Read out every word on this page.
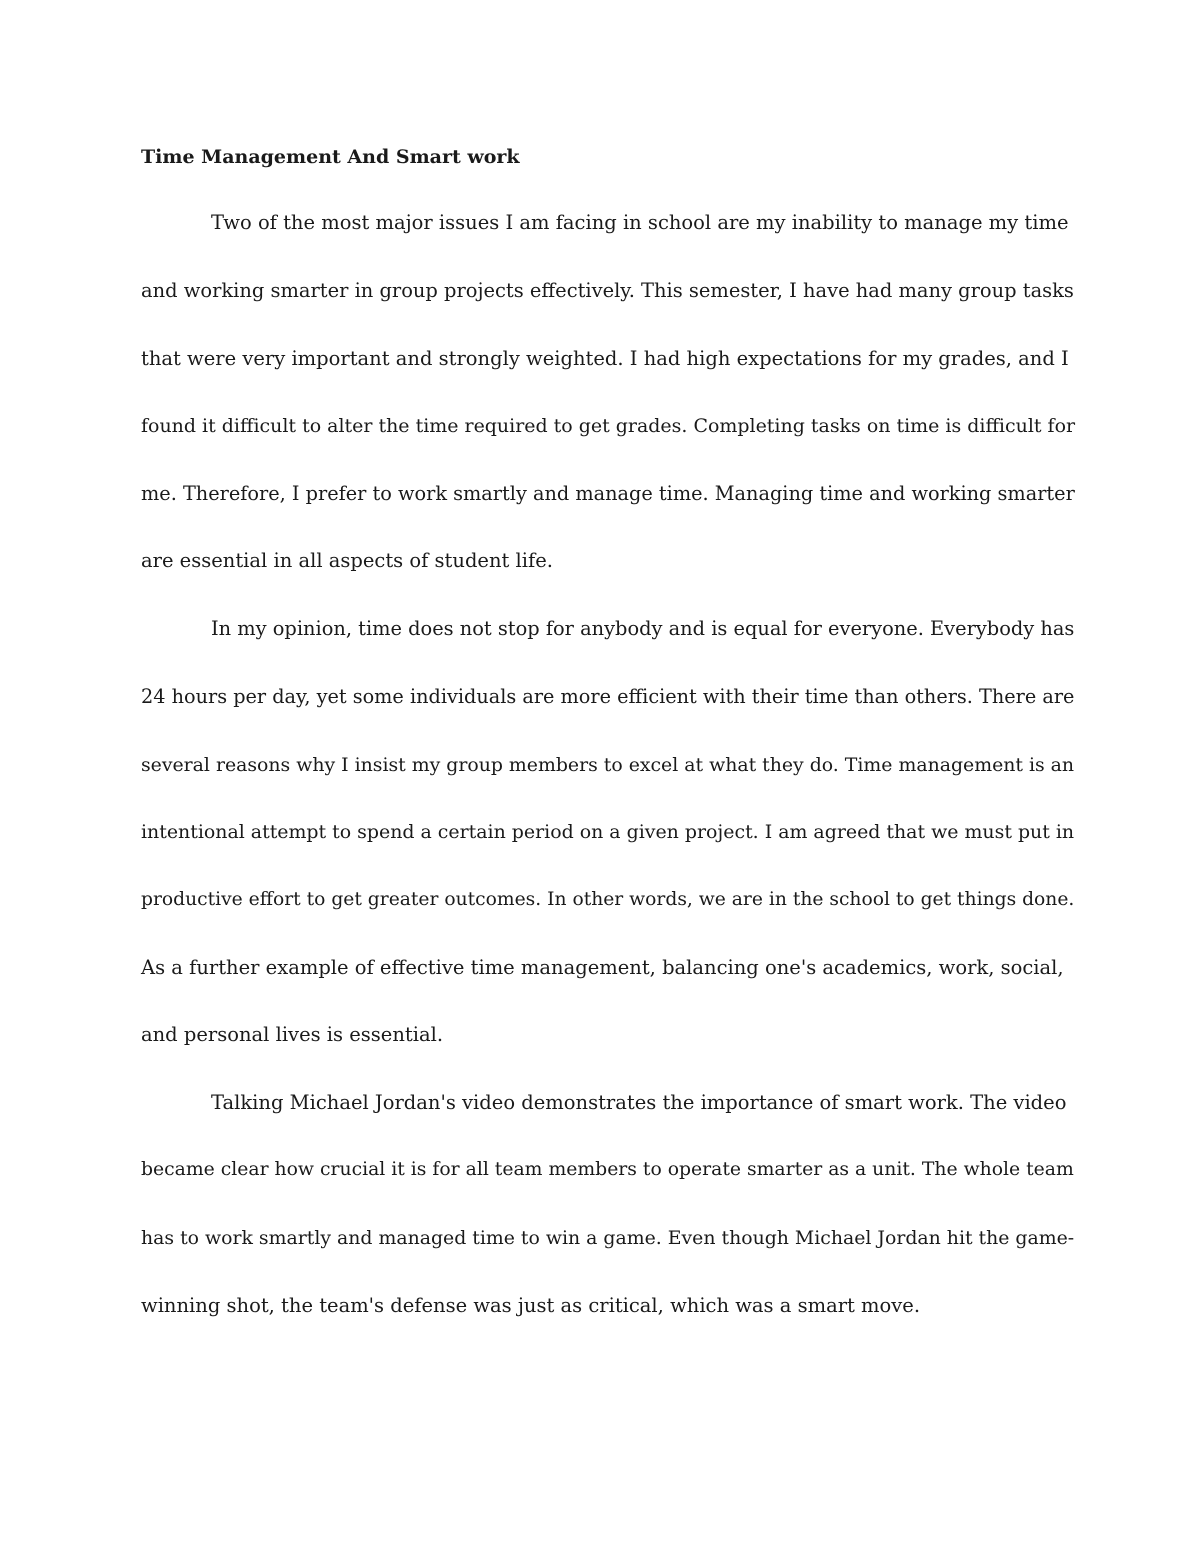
Time Management And Smart work
Two of the most major issues I am facing in school are my inability to manage my time
and working smarter in group projects effectively. This semester, I have had many group tasks
that were very important and strongly weighted. I had high expectations for my grades, and I
found it difficult to alter the time required to get grades. Completing tasks on time is difficult for
me. Therefore, I prefer to work smartly and manage time. Managing time and working smarter
are essential in all aspects of student life.
In my opinion, time does not stop for anybody and is equal for everyone. Everybody has
24 hours per day, yet some individuals are more efficient with their time than others. There are
several reasons why I insist my group members to excel at what they do. Time management is an
intentional attempt to spend a certain period on a given project. I am agreed that we must put in
productive effort to get greater outcomes. In other words, we are in the school to get things done.
As a further example of effective time management, balancing one's academics, work, social,
and personal lives is essential.
Talking Michael Jordan's video demonstrates the importance of smart work. The video
became clear how crucial it is for all team members to operate smarter as a unit. The whole team
has to work smartly and managed time to win a game. Even though Michael Jordan hit the game-
winning shot, the team's defense was just as critical, which was a smart move.
